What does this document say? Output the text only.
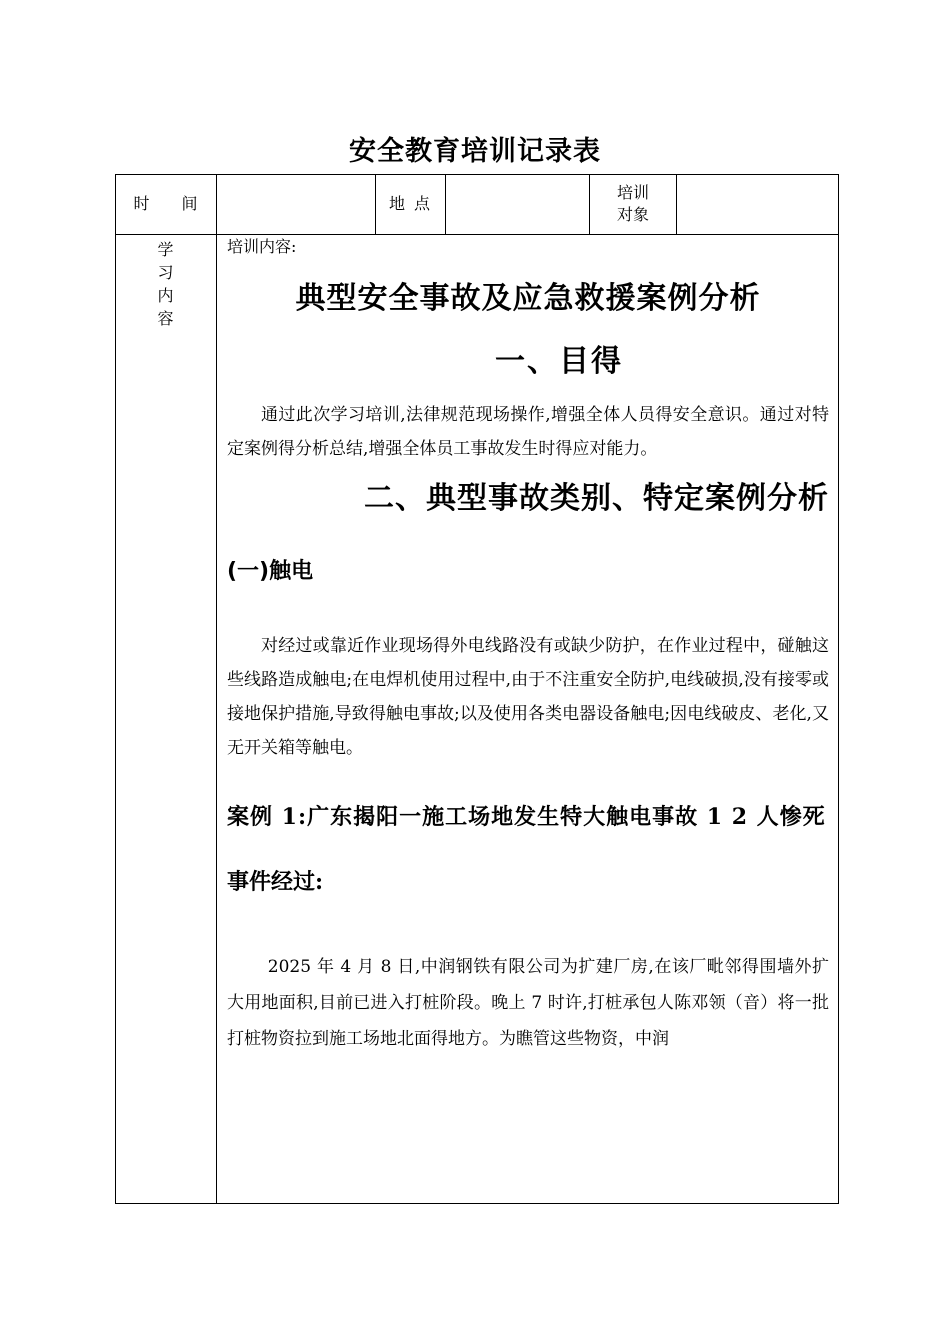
安全教育培训记录表
时　　间	地 点
培训
对象
学
习
内
容
培训内容:
典型安全事故及应急救援案例分析
一、目得

通过此次学习培训,法律规范现场操作,增强全体人员得安全意识。通过对特定案例得分析总结,增强全体员工事故发生时得应对能力。

二、典型事故类别、特定案例分析
(一)触电

对经过或靠近作业现场得外电线路没有或缺少防护，在作业过程中，碰触这些线路造成触电;在电焊机使用过程中,由于不注重安全防护,电线破损,没有接零或接地保护措施,导致得触电事故;以及使用各类电器设备触电;因电线破皮、老化,又无开关箱等触电。

案例 1:广东揭阳一施工场地发生特大触电事故 1 2 人惨死
事件经过:

2025 年 4 月 8 日,中润钢铁有限公司为扩建厂房,在该厂毗邻得围墙外扩大用地面积,目前已进入打桩阶段。晚上 7 时许,打桩承包人陈邓领（音）将一批打桩物资拉到施工场地北面得地方。为瞧管这些物资，中润
